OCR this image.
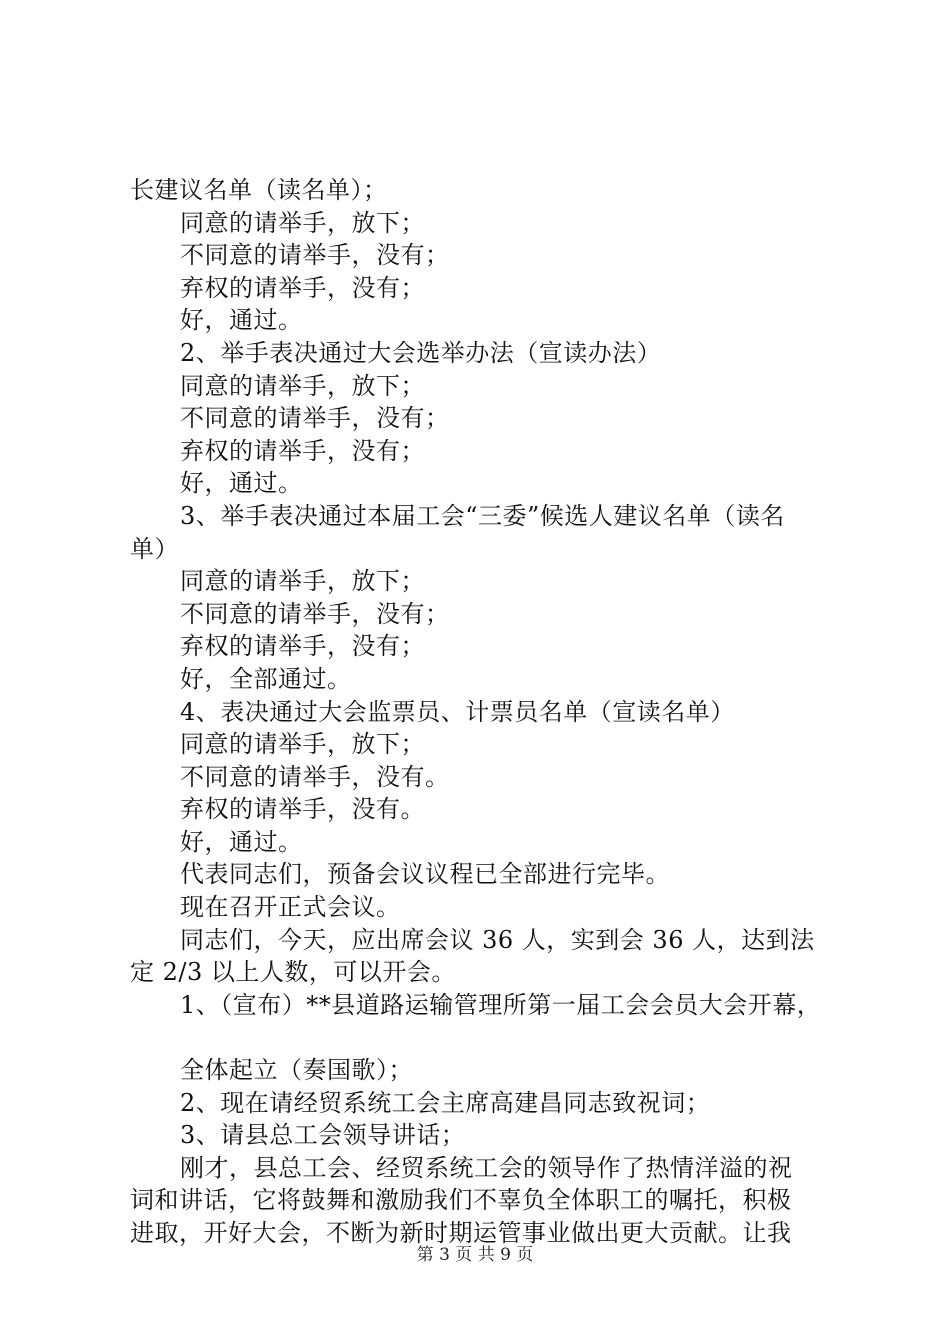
长建议名单（读名单）；
同意的请举手，放下；
不同意的请举手，没有；
弃权的请举手，没有；
好，通过。
2、举手表决通过大会选举办法（宣读办法）
同意的请举手，放下；
不同意的请举手，没有；
弃权的请举手，没有；
好，通过。
3、举手表决通过本届工会“三委”候选人建议名单（读名
单）
同意的请举手，放下；
不同意的请举手，没有；
弃权的请举手，没有；
好，全部通过。
4、表决通过大会监票员、计票员名单（宣读名单）
同意的请举手，放下；
不同意的请举手，没有。
弃权的请举手，没有。
好，通过。
代表同志们，预备会议议程已全部进行完毕。
现在召开正式会议。
同志们，今天，应出席会议 36 人，实到会 36 人，达到法
定 2/3 以上人数，可以开会。
1、（宣布）**县道路运输管理所第一届工会会员大会开幕，
全体起立（奏国歌）；
2、现在请经贸系统工会主席高建昌同志致祝词；
3、请县总工会领导讲话；
刚才，县总工会、经贸系统工会的领导作了热情洋溢的祝
词和讲话，它将鼓舞和激励我们不辜负全体职工的嘱托，积极
进取，开好大会，不断为新时期运管事业做出更大贡献。让我
第 3 页 共 9 页
